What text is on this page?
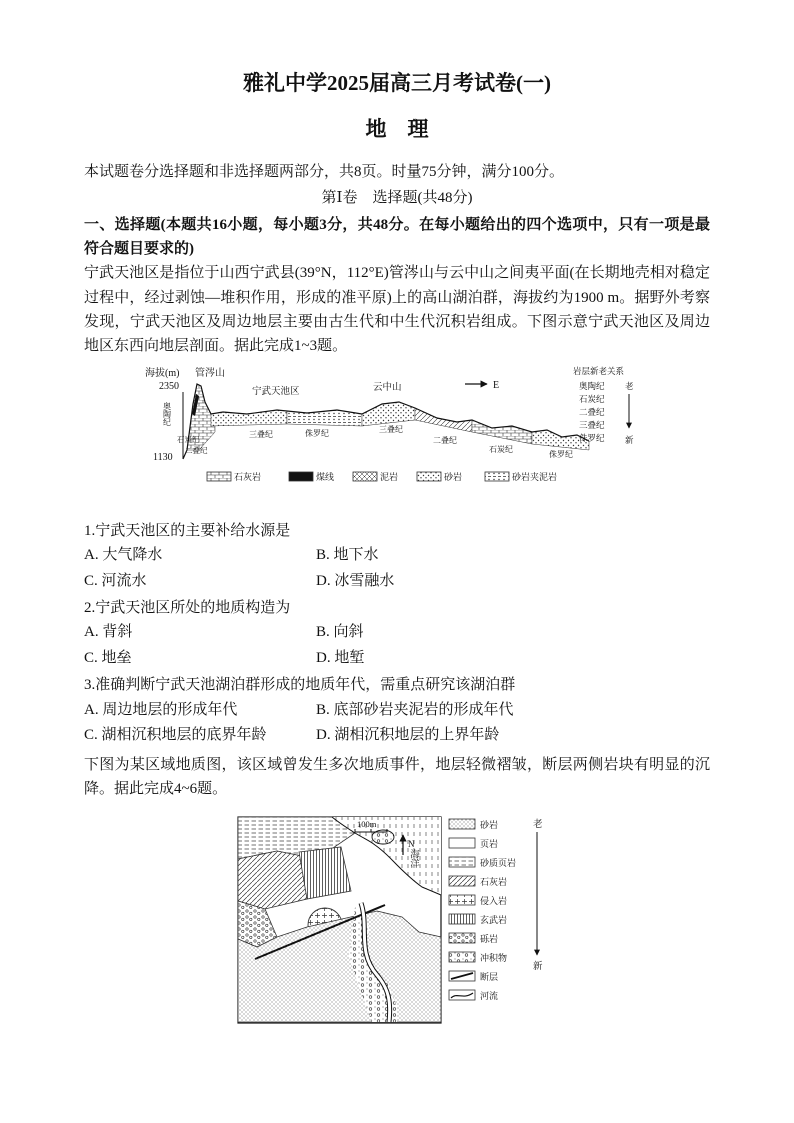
雅礼中学2025届高三月考试卷(一)
地　理

本试题卷分选择题和非选择题两部分，共8页。时量75分钟，满分100分。

第Ⅰ卷　选择题(共48分)

一、选择题(本题共16小题，每小题3分，共48分。在每小题给出的四个选项中，只有一项是最符合题目要求的)

宁武天池区是指位于山西宁武县(39°N，112°E)管涔山与云中山之间夷平面(在长期地壳相对稳定过程中，经过剥蚀—堆积作用，形成的准平原)上的高山湖泊群，海拔约为1900 m。据野外考察发现，宁武天池区及周边地层主要由古生代和中生代沉积岩组成。下图示意宁武天池区及周边地区东西向地层剖面。据此完成1~3题。

海拔(m) 管涔山
2350
1130
奥陶纪
宁武天池区	云中山	E
石炭纪
二叠纪
三叠纪	侏罗纪	三叠纪
二叠纪
石炭纪
侏罗纪
岩层新老关系
奥陶纪
石炭纪
二叠纪
三叠纪
侏罗纪
老
新
石灰岩	煤线	泥岩	砂岩	砂岩夹泥岩
1.宁武天池区的主要补给水源是
A. 大气降水	B. 地下水
C. 河流水	D. 冰雪融水
2.宁武天池区所处的地质构造为
A. 背斜	B. 向斜
C. 地垒	D. 地堑
3.准确判断宁武天池湖泊群形成的地质年代，需重点研究该湖泊群
A. 周边地层的形成年代	B. 底部砂岩夹泥岩的形成年代
C. 湖相沉积地层的底界年龄	D. 湖相沉积地层的上界年龄

下图为某区域地质图，该区域曾发生多次地质事件，地层轻微褶皱，断层两侧岩块有明显的沉降。据此完成4~6题。

海洋
100m
N
砂岩
页岩
砂质页岩
石灰岩
侵入岩
玄武岩
砾岩
冲积物
断层
河流
老
新
